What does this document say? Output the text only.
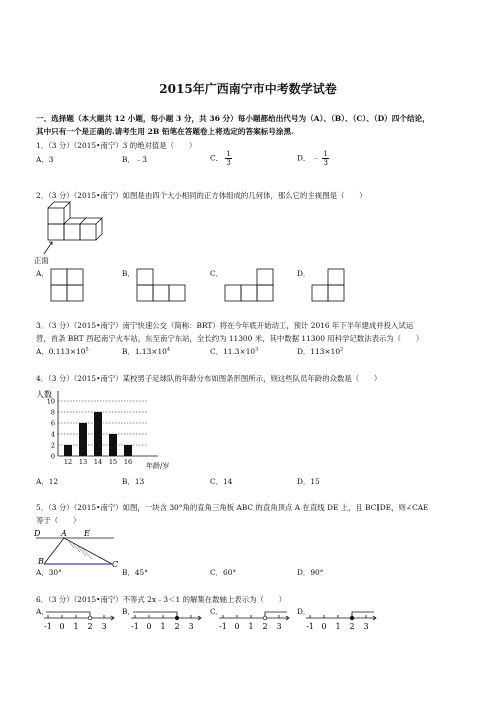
2015年广西南宁市中考数学试卷
一、选择题（本大题共 12 小题，每小题 3 分，共 36 分）每小题都给出代号为（A）、（B）、（C）、（D）四个结论，
其中只有一个是正确的.请考生用 2B 铅笔在答题卷上将选定的答案标号涂黑.
1．（3 分）（2015•南宁）3 的绝对值是（　　）
A．3	B．﹣3	C． $\frac{1}{3}$	D． ﹣ $\frac{1}{3}$
2．（3 分）（2015•南宁）如图是由四个大小相同的正方体组成的几何体，那么它的主视图是（　　）
正面
A．	B．	C．	D．
3．（3 分）（2015•南宁）南宁快速公交（简称：BRT）将在今年底开始动工，预计 2016 年下半年建成并投入试运
营，首条 BRT 西起南宁火车站，东至南宁东站，全长约为 11300 米，其中数据 11300 用科学记数法表示为（　　）
A．$0.113\times 10^5$	B．$1.13\times 10^4$	C．$11.3\times 10^3$	D．$113\times 10^2$
4．（3 分）（2015•南宁）某校男子足球队的年龄分布如图条形图所示，则这些队员年龄的众数是（　　）
人数
年龄/岁
2
4
6
8
10
0
12 13 14 15 16
A．12	B．13	C．14	D．15
5．（3 分）（2015•南宁）如图，一块含 30°角的直角三角板 ABC 的直角顶点 A 在直线 DE 上，且 BC∥DE，则∠CAE
等于（　　）
D	A E
B	C
A．30°	B．45°	C．60°	D．90°
6．（3 分）（2015•南宁）不等式 2x﹣3＜1 的解集在数轴上表示为（　　）
A．	B．	C．	D．
-1 0 1 2 3	-1 0 1 2 3	-1 0 1 2 3	-1 0 1 2 3
